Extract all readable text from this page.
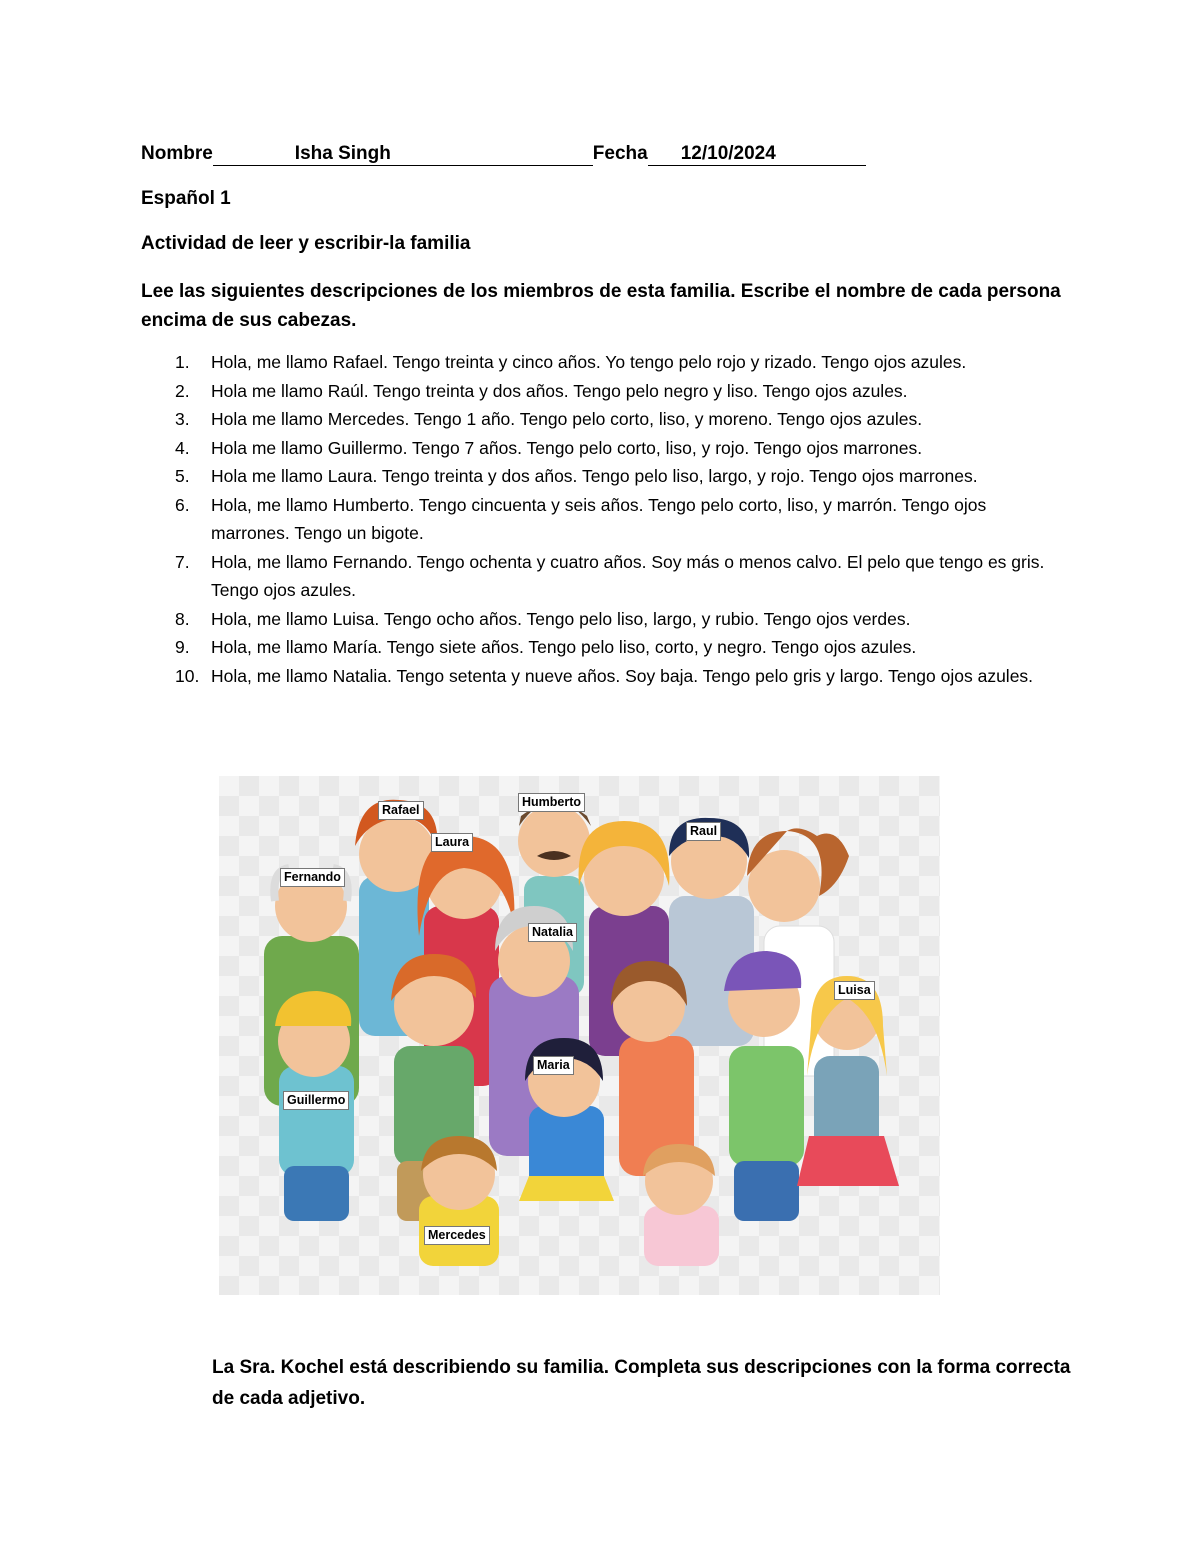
Nombre	Isha Singh	Fecha 12/10/2024
Español 1
Actividad de leer y escribir-la familia
Lee las siguientes descripciones de los miembros de esta familia. Escribe el nombre de cada persona encima de sus cabezas.
1.	Hola, me llamo Rafael. Tengo treinta y cinco años. Yo tengo pelo rojo y rizado. Tengo ojos azules.
2.	Hola me llamo Raúl. Tengo treinta y dos años. Tengo pelo negro y liso. Tengo ojos azules.
3.	Hola me llamo Mercedes. Tengo 1 año. Tengo pelo corto, liso, y moreno. Tengo ojos azules.
4.	Hola me llamo Guillermo. Tengo 7 años. Tengo pelo corto, liso, y rojo. Tengo ojos marrones.
5.	Hola me llamo Laura. Tengo treinta y dos años. Tengo pelo liso, largo, y rojo. Tengo ojos marrones.
6.	Hola, me llamo Humberto. Tengo cincuenta y seis años. Tengo pelo corto, liso, y marrón. Tengo ojos marrones. Tengo un bigote.
7.	Hola, me llamo Fernando. Tengo ochenta y cuatro años. Soy más o menos calvo. El pelo que tengo es gris. Tengo ojos azules.
8.	Hola, me llamo Luisa. Tengo ocho años. Tengo pelo liso, largo, y rubio. Tengo ojos verdes.
9.	Hola, me llamo María. Tengo siete años. Tengo pelo liso, corto, y negro. Tengo ojos azules.
10. Hola, me llamo Natalia. Tengo setenta y nueve años. Soy baja. Tengo pelo gris y largo. Tengo ojos azules.
Rafael
Humberto
Laura
Raul
Fernando
Natalia
Luisa
Maria
Guillermo
Mercedes
La Sra. Kochel está describiendo su familia. Completa sus descripciones con la forma correcta de cada adjetivo.
